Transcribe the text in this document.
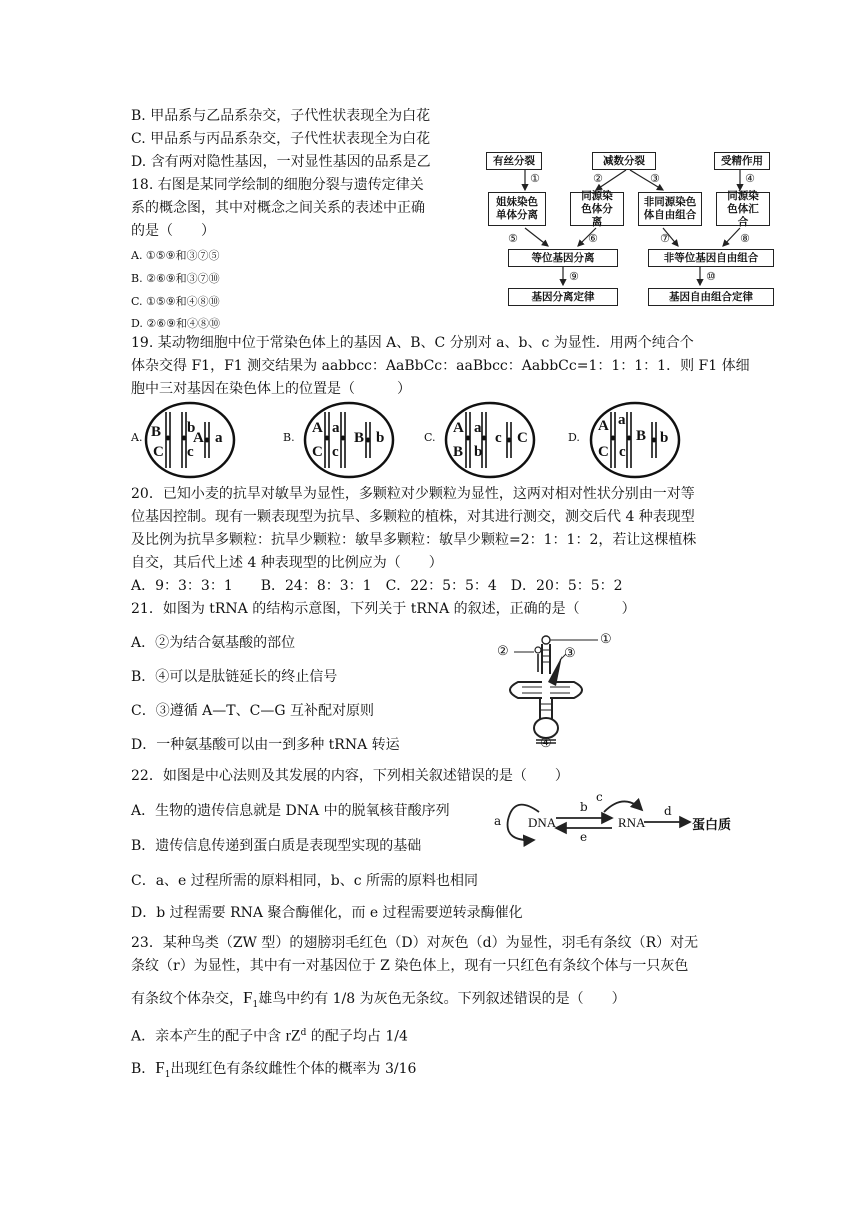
B. 甲品系与乙品系杂交，子代性状表现全为白花
C. 甲品系与丙品系杂交，子代性状表现全为白花
D. 含有两对隐性基因，一对显性基因的品系是乙
18. 右图是某同学绘制的细胞分裂与遗传定律关
系的概念图，其中对概念之间关系的表述中正确
的是（　　）
A. ①⑤⑨和③⑦⑤
B. ②⑥⑨和③⑦⑩
C. ①⑤⑨和④⑧⑩
D. ②⑥⑨和④⑧⑩
有丝分裂	减数分裂	受精作用
①	②	③	④
姐妹染色单体分离
同源染色体分离
非同源染色体自由组合
同源染色体汇合
⑤	⑥	⑦	⑧
等位基因分离	非等位基因自由组合
⑨	⑩
基因分离定律	基因自由组合定律
19. 某动物细胞中位于常染色体上的基因 A、B、C 分别对 a、b、c 为显性．用两个纯合个
体杂交得 F1，F1 测交结果为 aabbcc：AaBbCc：aaBbcc：AabbCc=1：1：1：1．则 F1 体细
胞中三对基因在染色体上的位置是（　　　）
A.	B.	C.	D.
B
C
b
c
A a
A
C
a
c
B b
A
B
a
b
c C
A
C
a
c
B b
20．已知小麦的抗旱对敏旱为显性，多颗粒对少颗粒为显性，这两对相对性状分别由一对等
位基因控制。现有一颗表现型为抗旱、多颗粒的植株，对其进行测交，测交后代 4 种表现型
及比例为抗旱多颗粒：抗旱少颗粒：敏旱多颗粒：敏旱少颗粒=2：1：1：2，若让这棵植株
自交，其后代上述 4 种表现型的比例应为（　　）
A．9：3：3：1　　B．24：8：3：1　C．22：5：5：4　D．20：5：5：2
21．如图为 tRNA 的结构示意图，下列关于 tRNA 的叙述，正确的是（　　　）
A．②为结合氨基酸的部位
B．④可以是肽链延长的终止信号
C．③遵循 A—T、C—G 互补配对原则
D．一种氨基酸可以由一到多种 tRNA 转运
①
②	③
④
22．如图是中心法则及其发展的内容，下列相关叙述错误的是（　　）
A．生物的遗传信息就是 DNA 中的脱氧核苷酸序列
B．遗传信息传递到蛋白质是表现型实现的基础
C．a、e 过程所需的原料相同，b、c 所需的原料也相同
D．b 过程需要 RNA 聚合酶催化，而 e 过程需要逆转录酶催化
a DNA
b
e
c
RNA
d
蛋白质
23．某种鸟类（ZW 型）的翅膀羽毛红色（D）对灰色（d）为显性，羽毛有条纹（R）对无
条纹（r）为显性，其中有一对基因位于 Z 染色体上，现有一只红色有条纹个体与一只灰色
有条纹个体杂交，$F_1$雄鸟中约有 1/8 为灰色无条纹。下列叙述错误的是（　　）
A．亲本产生的配子中含 $rZ^d$ 的配子均占 1/4
B．$F_1$出现红色有条纹雌性个体的概率为 3/16
